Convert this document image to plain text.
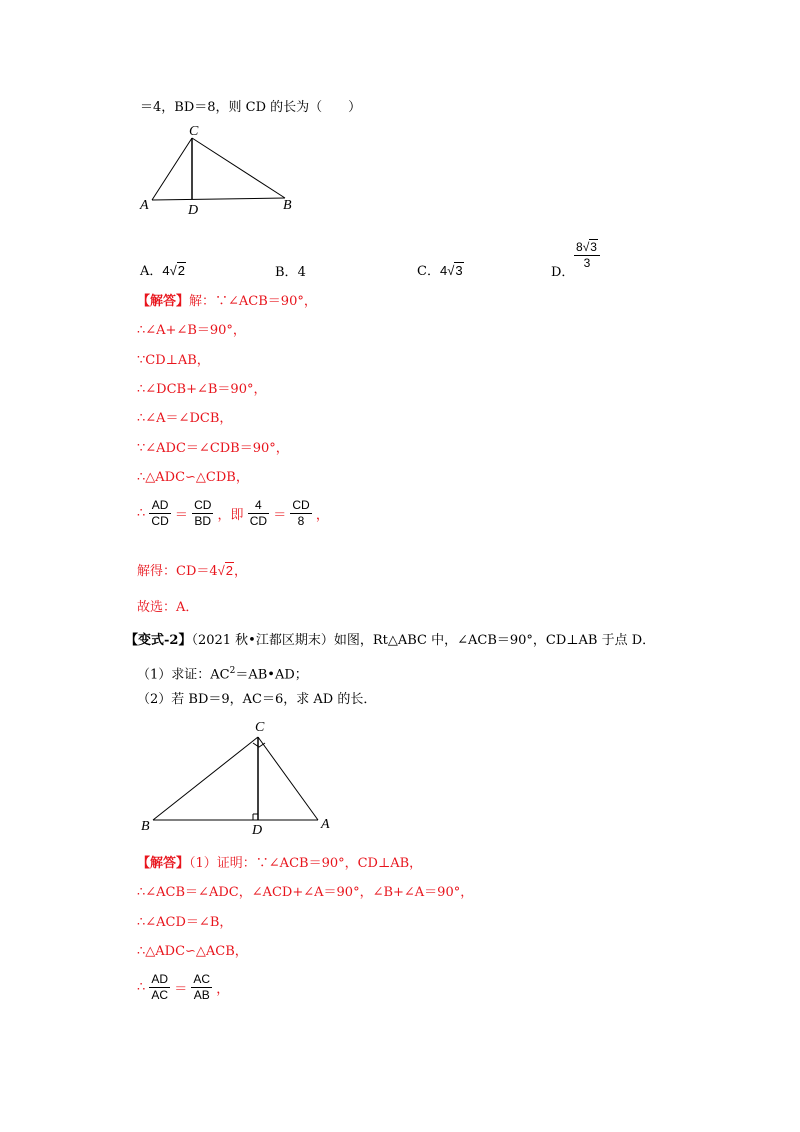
＝4，BD＝8，则 CD 的长为（　　）
C
A	D	B
A．4√2	B．4	C．4√3	D．
$\frac{8√3}{3}$
【解答】解：∵∠ACB＝90°，
∴∠A+∠B＝90°，
∵CD⊥AB，
∴∠DCB+∠B＝90°，
∴∠A＝∠DCB，
∵∠ADC＝∠CDB＝90°，
∴△ADC∽△CDB，
∴ $\frac{AD}{CD} = \frac{CD}{BD}$ ，即 $\frac{4}{CD} = \frac{CD}{8}$ ，
解得：CD＝4√2，
故选：A．
【变式-2】（2021 秋•江都区期末）如图，Rt△ABC 中，∠ACB＝90°，CD⊥AB 于点 D．
（1）求证：$AC^2=AB•AD$；
（2）若 BD＝9，AC＝6，求 AD 的长．
C
B	D	A
【解答】（1）证明：∵∠ACB＝90°，CD⊥AB，
∴∠ACB＝∠ADC，∠ACD+∠A＝90°，∠B+∠A＝90°，
∴∠ACD＝∠B，
∴△ADC∽△ACB，
∴ $\frac{AD}{AC} = \frac{AC}{AB}$ ，
